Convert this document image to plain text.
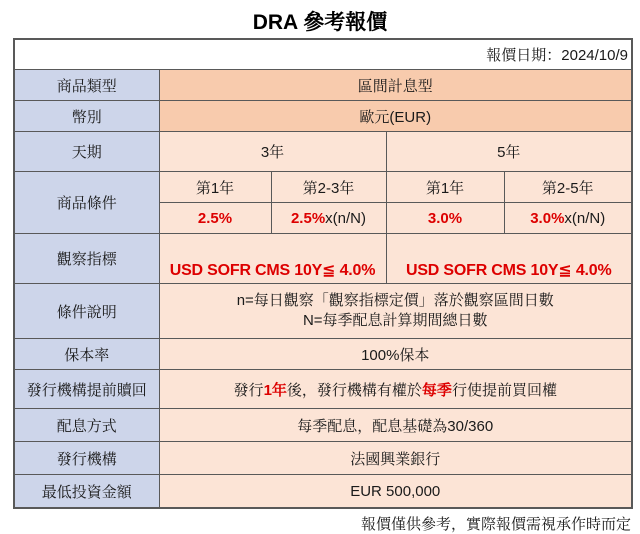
DRA 參考報價
報價日期：2024/10/9				
商品類型	區間計息型			
幣別	歐元(EUR)			
天期	3年		5年	
商品條件	第1年	第2-3年	第1年	第2-5年
	2.5%	2.5%x(n/N)	3.0%	3.0%x(n/N)
觀察指標	USD SOFR CMS 10Y≦ 4.0%		USD SOFR CMS 10Y≦ 4.0%	
條件說明	n=每日觀察「觀察指標定價」落於觀察區間日數
N=每季配息計算期間總日數			

保本率	100%保本			
發行機構提前贖回	發行1年後，發行機構有權於每季行使提前買回權			
配息方式	每季配息，配息基礎為30/360			
發行機構	法國興業銀行			
最低投資金額	EUR 500,000			
報價僅供參考，實際報價需視承作時而定
